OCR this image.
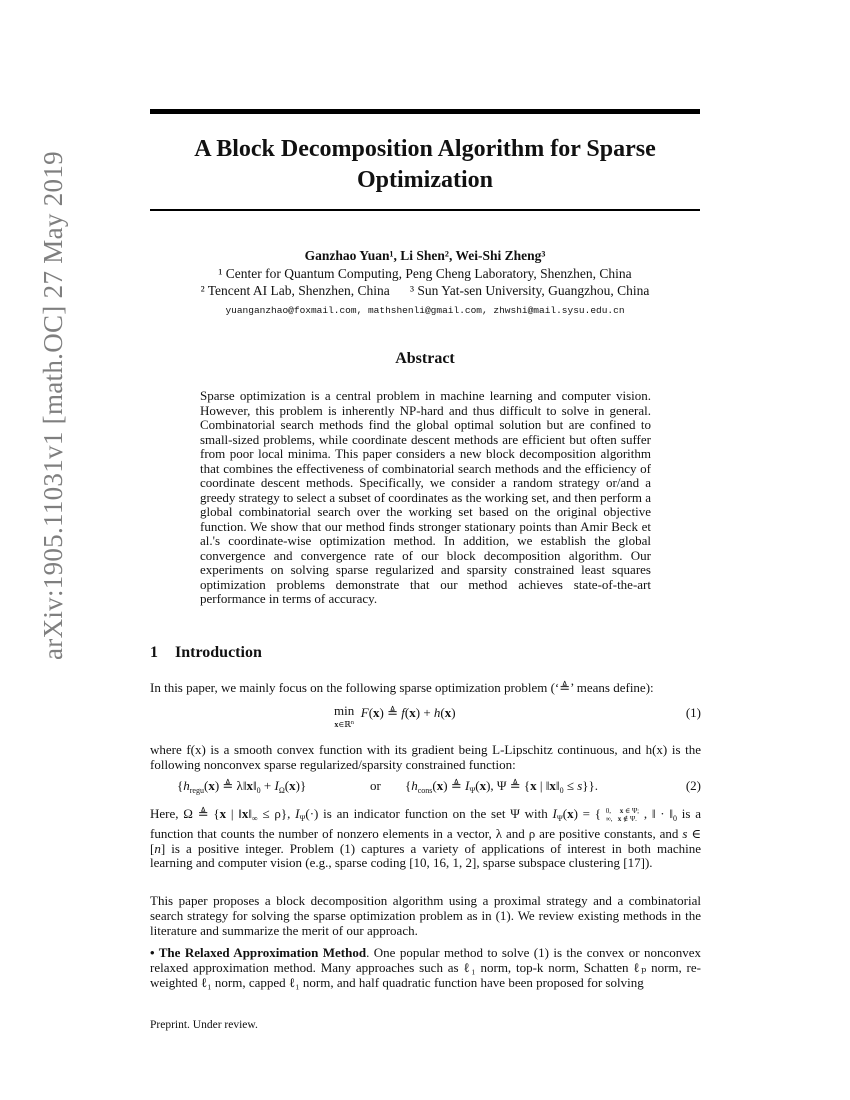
arXiv:1905.11031v1 [math.OC] 27 May 2019
A Block Decomposition Algorithm for Sparse Optimization
Ganzhao Yuan¹, Li Shen², Wei-Shi Zheng³
¹ Center for Quantum Computing, Peng Cheng Laboratory, Shenzhen, China
² Tencent AI Lab, Shenzhen, China      ³ Sun Yat-sen University, Guangzhou, China
yuanganzhao@foxmail.com, mathshenli@gmail.com, zhwshi@mail.sysu.edu.cn
Abstract

Sparse optimization is a central problem in machine learning and computer vision. However, this problem is inherently NP-hard and thus difficult to solve in general. Combinatorial search methods find the global optimal solution but are confined to small-sized problems, while coordinate descent methods are efficient but often suffer from poor local minima. This paper considers a new block decomposition algorithm that combines the effectiveness of combinatorial search methods and the efficiency of coordinate descent methods. Specifically, we consider a random strategy or/and a greedy strategy to select a subset of coordinates as the working set, and then perform a global combinatorial search over the working set based on the original objective function. We show that our method finds stronger stationary points than Amir Beck et al.'s coordinate-wise optimization method. In addition, we establish the global convergence and convergence rate of our block decomposition algorithm. Our experiments on solving sparse regularized and sparsity constrained least squares optimization problems demonstrate that our method achieves state-of-the-art performance in terms of accuracy.

1 Introduction

In this paper, we mainly focus on the following sparse optimization problem (‘≜’ means define):

min
x∈ℝ$^n$  F(x) ≜ f(x) + h(x)	(1)

where f(x) is a smooth convex function with its gradient being L-Lipschitz continuous, and h(x) is the following nonconvex sparse regularized/sparsity constrained function:

{$h_{regu}(x)$ ≜ $\lambda‖x‖_0 + I_\Omega(x)$}	or {$h_{cons}(x)$ ≜ $I_\Psi(x)$, Ψ ≜ {x | $‖x‖_0 \le s$}}.	(2)

Here, Ω ≜ {x | $‖x‖_\infty \le \rho$}, $I_\Psi(\cdot)$ is an indicator function on the set Ψ with $I_\Psi(x)$ = { 0,     x ∈ Ψ;
∞,   x ∉ Ψ. , ‖ · $‖_0$ is a function that counts the number of nonzero elements in a vector, λ and ρ are positive constants, and s ∈ [n] is a positive integer. Problem (1) captures a variety of applications of interest in both machine learning and computer vision (e.g., sparse coding [10, 16, 1, 2], sparse subspace clustering [17]).

This paper proposes a block decomposition algorithm using a proximal strategy and a combinatorial search strategy for solving the sparse optimization problem as in (1). We review existing methods in the literature and summarize the merit of our approach.

• The Relaxed Approximation Method. One popular method to solve (1) is the convex or nonconvex relaxed approximation method. Many approaches such as ℓ₁ norm, top-k norm, Schatten ℓₚ norm, re-weighted ℓ₁ norm, capped ℓ₁ norm, and half quadratic function have been proposed for solving

Preprint. Under review.
